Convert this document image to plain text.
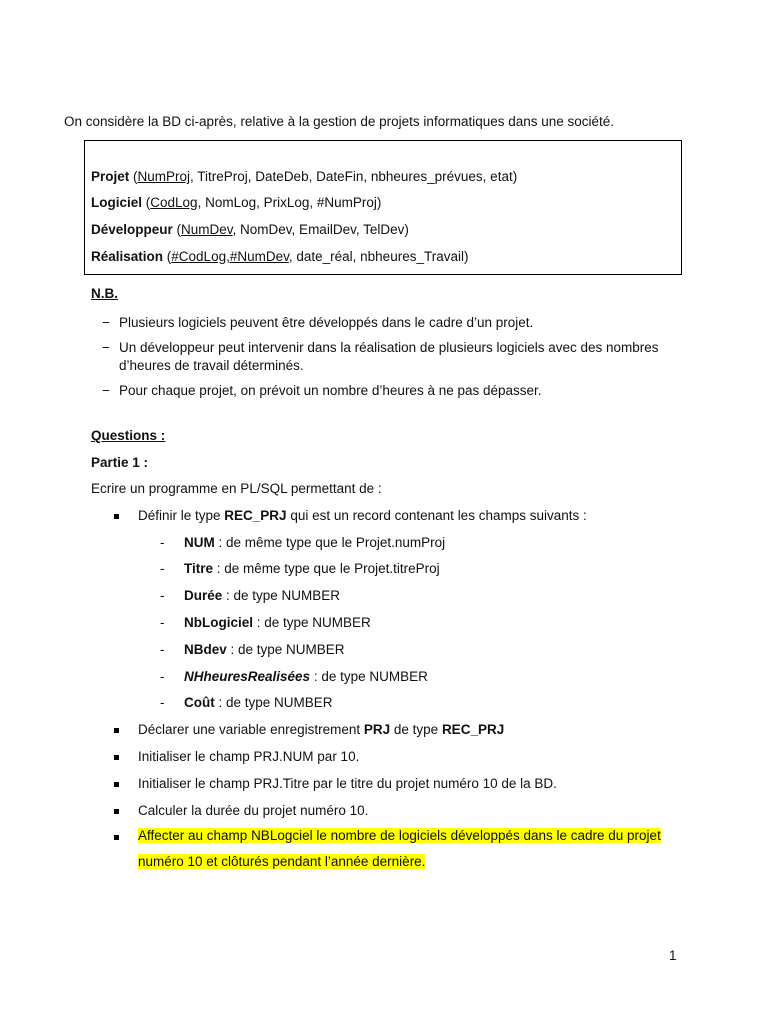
On considère la BD ci-après, relative à la gestion de projets informatiques dans une société.
Projet (NumProj, TitreProj, DateDeb, DateFin, nbheures_prévues, etat)
Logiciel (CodLog, NomLog, PrixLog, #NumProj)
Développeur (NumDev, NomDev, EmailDev, TelDev)
Réalisation (#CodLog,#NumDev, date_réal, nbheures_Travail)
N.B.
− Plusieurs logiciels peuvent être développés dans le cadre d’un projet.
− Un développeur peut intervenir dans la réalisation de plusieurs logiciels avec des nombres
d’heures de travail déterminés.
− Pour chaque projet, on prévoit un nombre d’heures à ne pas dépasser.
Questions :
Partie 1 :
Ecrire un programme en PL/SQL permettant de :
Définir le type REC_PRJ qui est un record contenant les champs suivants :
- NUM : de même type que le Projet.numProj
- Titre : de même type que le Projet.titreProj
- Durée : de type NUMBER
- NbLogiciel : de type NUMBER
- NBdev : de type NUMBER
- NHheuresRealisées : de type NUMBER
- Coût : de type NUMBER
Déclarer une variable enregistrement PRJ de type REC_PRJ
Initialiser le champ PRJ.NUM par 10.
Initialiser le champ PRJ.Titre par le titre du projet numéro 10 de la BD.
Calculer la durée du projet numéro 10.
Affecter au champ NBLogciel le nombre de logiciels développés dans le cadre du projet
numéro 10 et clôturés pendant l’année dernière.
1
